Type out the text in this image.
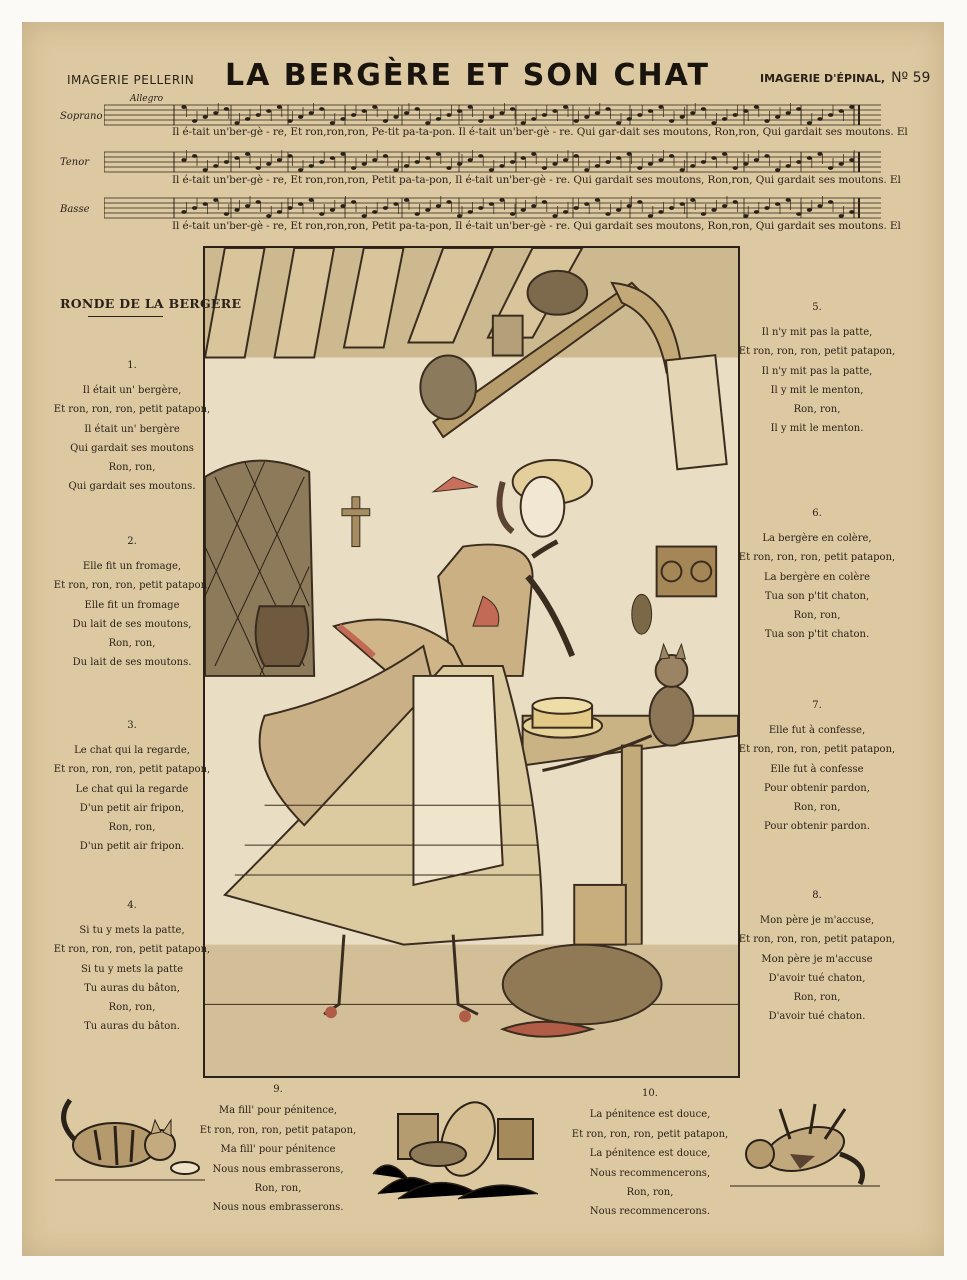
IMAGERIE PELLERIN LA BERGÈRE ET SON CHAT	IMAGERIE D'ÉPINAL, Nº 59
Allegro
Soprano
Il é-tait un'ber-gè - re, Et ron,ron,ron, Pe-tit pa-ta-pon. Il é-tait un'ber-gè - re. Qui gar-dait ses moutons, Ron,ron, Qui gardait ses moutons. El
Tenor
Il é-tait un'ber-gè - re, Et ron,ron,ron, Petit pa-ta-pon, Il é-tait un'ber-gè - re. Qui gardait ses moutons, Ron,ron, Qui gardait ses moutons. El
Basse
Il é-tait un'ber-gè - re, Et ron,ron,ron, Petit pa-ta-pon, Il é-tait un'ber-gè - re. Qui gardait ses moutons, Ron,ron, Qui gardait ses moutons. El
RONDE DE LA BERGÈRE
1.
Il était un' bergère,
Et ron, ron, ron, petit patapon,
Il était un' bergère
Qui gardait ses moutons
Ron, ron,
Qui gardait ses moutons.
2.
Elle fit un fromage,
Et ron, ron, ron, petit patapon,
Elle fit un fromage
Du lait de ses moutons,
Ron, ron,
Du lait de ses moutons.
3.
Le chat qui la regarde,
Et ron, ron, ron, petit patapon,
Le chat qui la regarde
D'un petit air fripon,
Ron, ron,
D'un petit air fripon.
4.
Si tu y mets la patte,
Et ron, ron, ron, petit patapon,
Si tu y mets la patte
Tu auras du bâton,
Ron, ron,
Tu auras du bâton.
5.
Il n'y mit pas la patte,
Et ron, ron, ron, petit patapon,
Il n'y mit pas la patte,
Il y mit le menton,
Ron, ron,
Il y mit le menton.
6.
La bergère en colère,
Et ron, ron, ron, petit patapon,
La bergère en colère
Tua son p'tit chaton,
Ron, ron,
Tua son p'tit chaton.
7.
Elle fut à confesse,
Et ron, ron, ron, petit patapon,
Elle fut à confesse
Pour obtenir pardon,
Ron, ron,
Pour obtenir pardon.
8.
Mon père je m'accuse,
Et ron, ron, ron, petit patapon,
Mon père je m'accuse
D'avoir tué chaton,
Ron, ron,
D'avoir tué chaton.
9.
Ma fill' pour pénitence,
Et ron, ron, ron, petit patapon,
Ma fill' pour pénitence
Nous nous embrasserons,
Ron, ron,
Nous nous embrasserons.
10.
La pénitence est douce,
Et ron, ron, ron, petit patapon,
La pénitence est douce,
Nous recommencerons,
Ron, ron,
Nous recommencerons.
